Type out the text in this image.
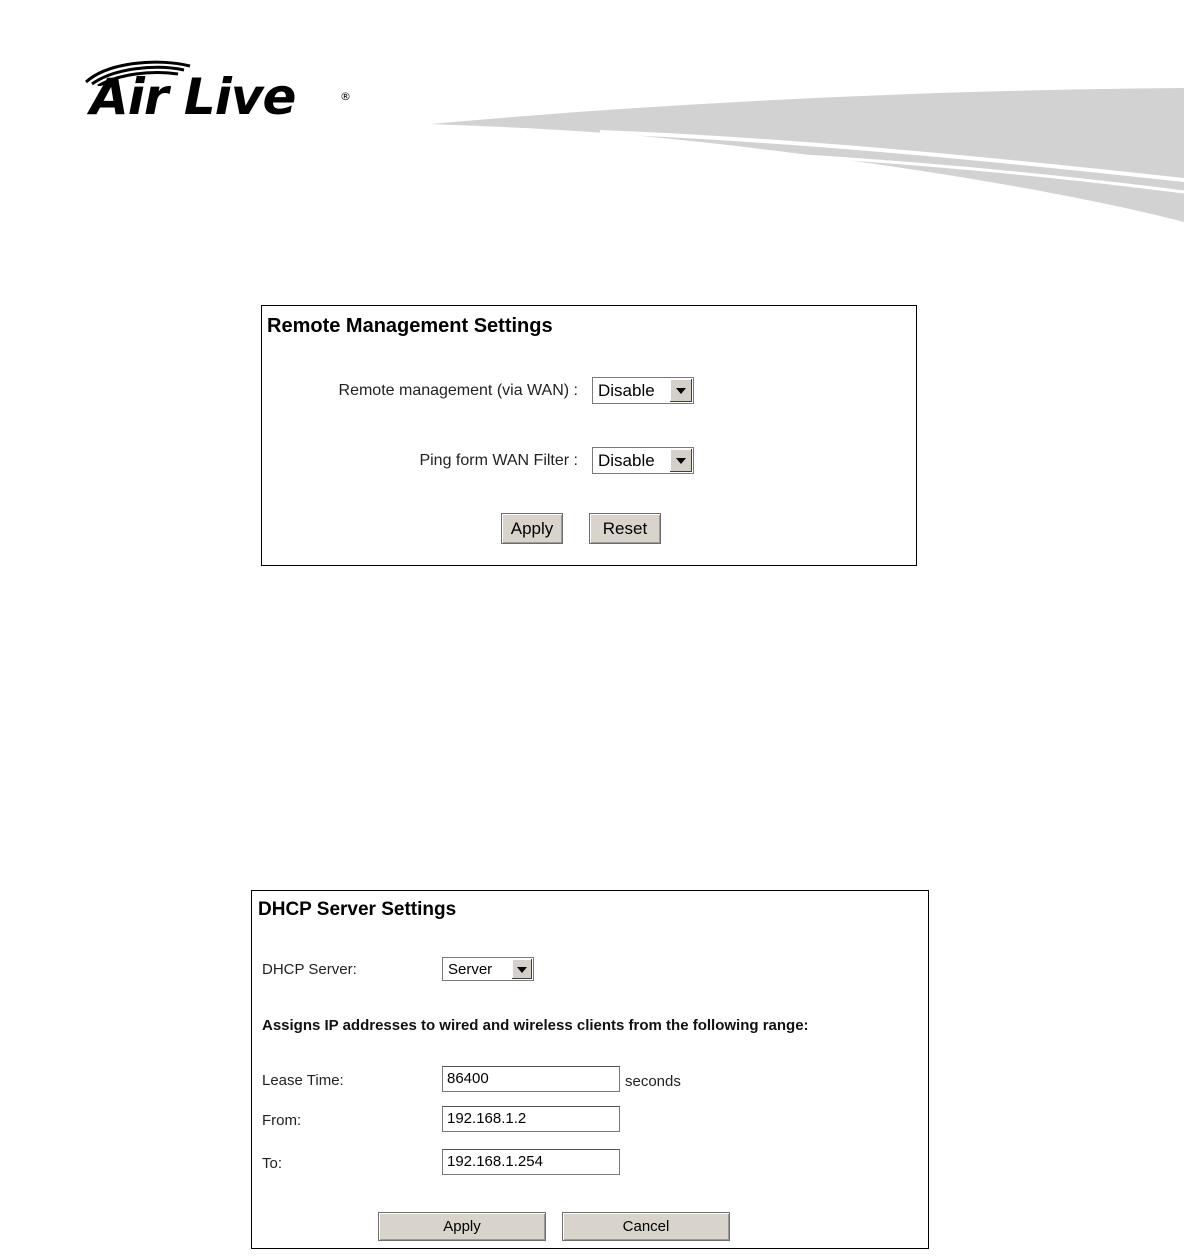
Air Live	®
Remote Management Settings
Remote management (via WAN) : Disable
Ping form WAN Filter : Disable
Apply	Reset
DHCP Server Settings
DHCP Server:	Server
Assigns IP addresses to wired and wireless clients from the following range:
Lease Time:	86400	seconds
From:	192.168.1.2
To:	192.168.1.254
Apply	Cancel
